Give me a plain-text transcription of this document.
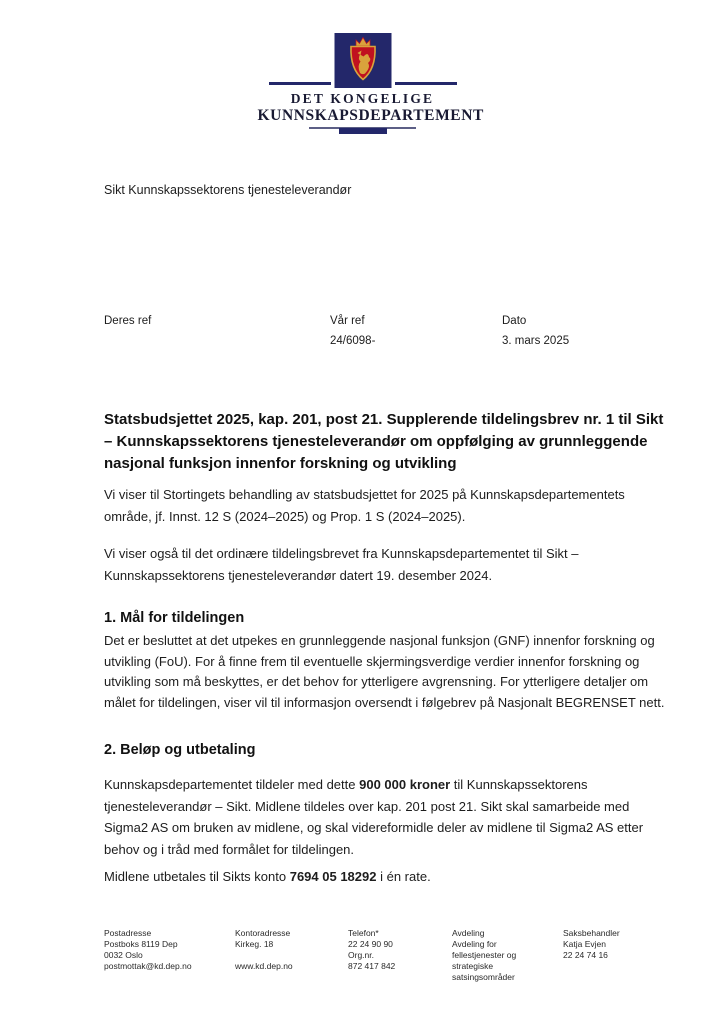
DET KONGELIGE
KUNNSKAPSDEPARTEMENT
Sikt Kunnskapssektorens tjenesteleverandør
Deres ref	Vår ref
24/6098-
Dato
3. mars 2025
Statsbudsjettet 2025, kap. 201, post 21. Supplerende tildelingsbrev nr. 1 til Sikt – Kunnskapssektorens tjenesteleverandør om oppfølging av grunnleggende nasjonal funksjon innenfor forskning og utvikling
Vi viser til Stortingets behandling av statsbudsjettet for 2025 på Kunnskapsdepartementets område, jf. Innst. 12 S (2024–2025) og Prop. 1 S (2024–2025).
Vi viser også til det ordinære tildelingsbrevet fra Kunnskapsdepartementet til Sikt – Kunnskapssektorens tjenesteleverandør datert 19. desember 2024.
1. Mål for tildelingen
Det er besluttet at det utpekes en grunnleggende nasjonal funksjon (GNF) innenfor forskning og utvikling (FoU). For å finne frem til eventuelle skjermingsverdige verdier innenfor forskning og utvikling som må beskyttes, er det behov for ytterligere avgrensning. For ytterligere detaljer om målet for tildelingen, viser vil til informasjon oversendt i følgebrev på Nasjonalt BEGRENSET nett.
2. Beløp og utbetaling
Kunnskapsdepartementet tildeler med dette 900 000 kroner til Kunnskapssektorens tjenesteleverandør – Sikt. Midlene tildeles over kap. 201 post 21. Sikt skal samarbeide med Sigma2 AS om bruken av midlene, og skal videreformidle deler av midlene til Sigma2 AS etter behov og i tråd med formålet for tildelingen.
Midlene utbetales til Sikts konto 7694 05 18292 i én rate.
Postadresse
Postboks 8119 Dep
0032 Oslo
postmottak@kd.dep.no
Kontoradresse
Kirkeg. 18
www.kd.dep.no
Telefon*
22 24 90 90
Org.nr.
872 417 842
Avdeling
Avdeling for
fellestjenester og
strategiske
satsingsområder
Saksbehandler
Katja Evjen
22 24 74 16
